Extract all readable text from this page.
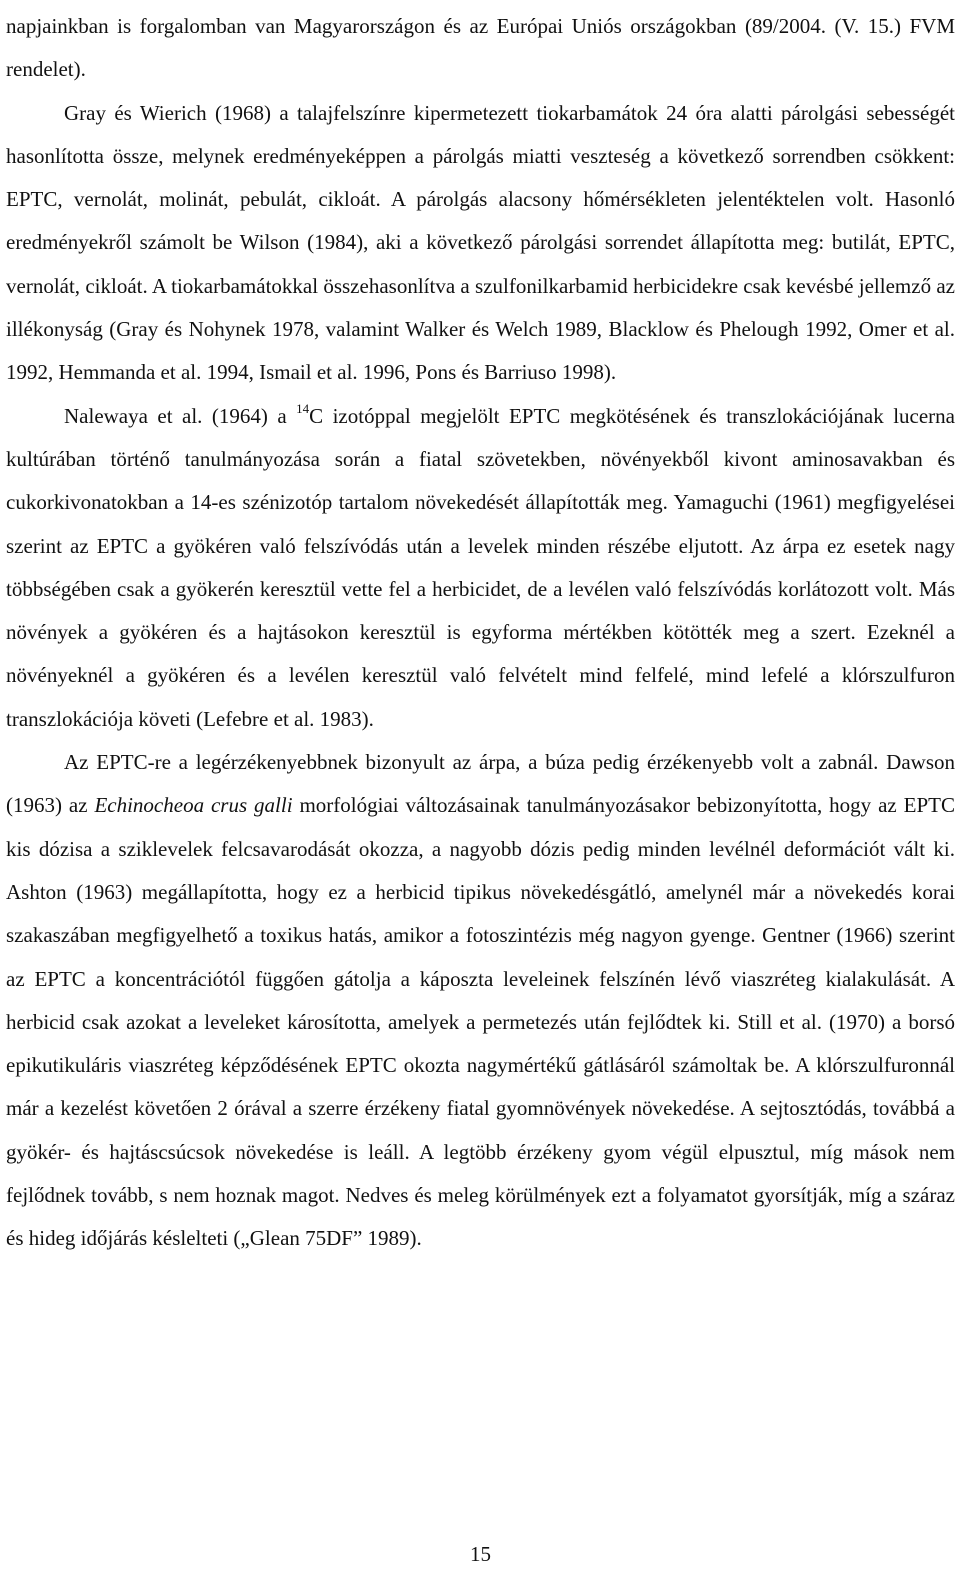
napjainkban is forgalomban van Magyarországon és az Európai Uniós országokban (89/2004. (V. 15.) FVM rendelet).

Gray és Wierich (1968) a talajfelszínre kipermetezett tiokarbamátok 24 óra alatti párolgási sebességét hasonlította össze, melynek eredményeképpen a párolgás miatti veszteség a következő sorrendben csökkent: EPTC, vernolát, molinát, pebulát, cikloát. A párolgás alacsony hőmérsékleten jelentéktelen volt. Hasonló eredményekről számolt be Wilson (1984), aki a következő párolgási sorrendet állapította meg: butilát, EPTC, vernolát, cikloát. A tiokarbamátokkal összehasonlítva a szulfonilkarbamid herbicidekre csak kevésbé jellemző az illékonyság (Gray és Nohynek 1978, valamint Walker és Welch 1989, Blacklow és Phelough 1992, Omer et al. 1992, Hemmanda et al. 1994, Ismail et al. 1996, Pons és Barriuso 1998).

Nalewaya et al. (1964) a $^{14}$C izotóppal megjelölt EPTC megkötésének és transzlokációjának lucerna kultúrában történő tanulmányozása során a fiatal szövetekben, növényekből kivont aminosavakban és cukorkivonatokban a 14-es szénizotóp tartalom növekedését állapították meg. Yamaguchi (1961) megfigyelései szerint az EPTC a gyökéren való felszívódás után a levelek minden részébe eljutott. Az árpa ez esetek nagy többségében csak a gyökerén keresztül vette fel a herbicidet, de a levélen való felszívódás korlátozott volt. Más növények a gyökéren és a hajtásokon keresztül is egyforma mértékben kötötték meg a szert. Ezeknél a növényeknél a gyökéren és a levélen keresztül való felvételt mind felfelé, mind lefelé a klórszulfuron transzlokációja követi (Lefebre et al. 1983).

Az EPTC-re a legérzékenyebbnek bizonyult az árpa, a búza pedig érzékenyebb volt a zabnál. Dawson (1963) az Echinocheoa crus galli morfológiai változásainak tanulmányozásakor bebizonyította, hogy az EPTC kis dózisa a sziklevelek felcsavarodását okozza, a nagyobb dózis pedig minden levélnél deformációt vált ki. Ashton (1963) megállapította, hogy ez a herbicid tipikus növekedésgátló, amelynél már a növekedés korai szakaszában megfigyelhető a toxikus hatás, amikor a fotoszintézis még nagyon gyenge. Gentner (1966) szerint az EPTC a koncentrációtól függően gátolja a káposzta leveleinek felszínén lévő viaszréteg kialakulását. A herbicid csak azokat a leveleket károsította, amelyek a permetezés után fejlődtek ki. Still et al. (1970) a borsó epikutikuláris viaszréteg képződésének EPTC okozta nagymértékű gátlásáról számoltak be. A klórszulfuronnál már a kezelést követően 2 órával a szerre érzékeny fiatal gyomnövények növekedése. A sejtosztódás, továbbá a gyökér- és hajtáscsúcsok növekedése is leáll. A legtöbb érzékeny gyom végül elpusztul, míg mások nem fejlődnek tovább, s nem hoznak magot. Nedves és meleg körülmények ezt a folyamatot gyorsítják, míg a száraz és hideg időjárás késlelteti („Glean 75DF” 1989).

15
